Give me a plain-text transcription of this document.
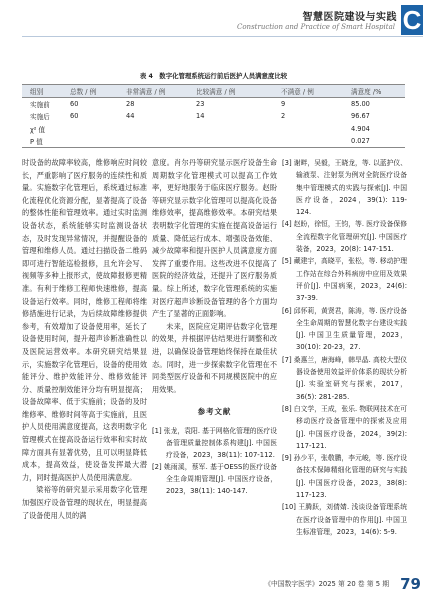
智慧医院建设与实践
Construction and Practice of Smart Hospital C
表 4　数字化管理系统运行前后医护人员满意度比较
组别	总数 / 例	非常满意 / 例	比较满意 / 例	不满意 / 例	满意度 /%
实施前	60	28	23	9	85.00
实施后	60	44	14	2	96.67
χ² 值					4.904
P 值					0.027

时设备的故障率较高，维修响应时间较长，严重影响了医疗服务的连续性和质量。实施数字化管理后，系统通过标准化流程优化资源分配，显著提高了设备的整体性能和管理效率。通过实时监测设备状态，系统能够实时监测设备状态，及时发现异常情况，并提醒设备的管理和维修人员。通过扫描设备二维码即可进行智能巡检报修，且允许会写、视频等多种上报形式，使故障报修更精准。有利于维修工程师快速维修，提高设备运行效率。同时，维修工程师将维修措施进行记录，为后续故障维修提供参考，有效增加了设备使用率，延长了设备使用时间，提升超声诊断准确性以及医院运营效率。本研究研究结果显示，实施数字化管理后，设备的使用效能评分、维护效能评分、维修效能评分、质量控制效能评分均有明显提高；设备故障率、低于实施前；设备的及时维修率、维修时间等高于实施前，且医护人员使用满意度提高，这表明数字化管理模式在提高设备运行效率和实时故障方面具有显著优势，且可以明显降低成本，提高效益，使设备发挥最大潜力，同时提高医护人员使用满意度。

梁裕等的研究显示采用数字化管理加强医疗设备管理的现状在，明显提高了设备使用人员的满

意度。肖尔丹等研究显示医疗设备生命周期数字化管理模式可以提高工作效率，更好地服务于临床医疗服务。赵盼等研究显示数字化管理可以提高化设备维修效率，提高维修效率。本研究结果表明数字化管理的实施在提高设备运行质量、降低运行成本、增强设备效能、减少故障率和提升医护人员满意度方面发挥了重要作用。这些改进不仅提高了医院的经济效益，还提升了医疗服务质量。综上所述，数字化管理系统的实施对医疗超声诊断设备管理的各个方面均产生了显著的正面影响。

未来，医院应定期评估数字化管理的效果，并根据评估结果进行调整和改进，以确保设备管理始终保持在最佳状态。同时，进一步探索数字化管理在不同类型医疗设备和不同规模医院中的应用效果。

参考文献
[1] 张龙，袁阳. 基于网格化管理的医疗设备管理质量控制体系构建[J]. 中国医疗设备，2023，38(11): 107-112.
[2] 姚雨溪，蔡军. 基于OESS的医疗设备全生命周期管理[J]. 中国医疗设备，2023，38(11): 140-147.
[3] 谢畔，吴毅，王晓龙，等. 以蓝护仪、输液泵、注射泵为例对全院医疗设备集中管理模式的实践与探索[J]. 中国医疗设备，2024，39(1): 119-124.
[4] 赵盼，徐恒，王钧，等. 医疗设备保修全流程数字化管理研究[J]. 中国医疗装备，2023，20(8): 147-151.
[5] 藏建宇，高晓平，张松，等. 移动护理工作站在综合外科病房中应用及效果评价[J]. 中国病案，2023，24(6): 37-39.
[6] 邱怀莉，黄贤君，陈涛，等. 医疗设备全生命周期的智慧化数字台建设实践[J]. 中国卫生质量管理，2023，30(10): 20-23，27.
[7] 桑惠兰，唐海峰，韩旱晶. 高校大型仪器设备使用效益评价体系的现状分析[J]. 实验室研究与探索，2017，36(5): 281-285.
[8] 白文学，王成，张乐. 物联网技术在可移动医疗设备管理中的探索及应用[J]. 中国医疗设备，2024，39(2): 117-121.
[9] 孙少平，张敬鹏，李元峻，等. 医疗设备技术保障精细化管理的研究与实践[J]. 中国医疗设备，2023，38(8): 117-123.
[10] 王腾跃，刘倩婧. 浅谈设备管理系统在医疗设备管理中的作用[J]. 中国卫生标准管理，2023，14(6): 5-9.
《中国数字医学》2025 第 20 卷 第 5 期 79
